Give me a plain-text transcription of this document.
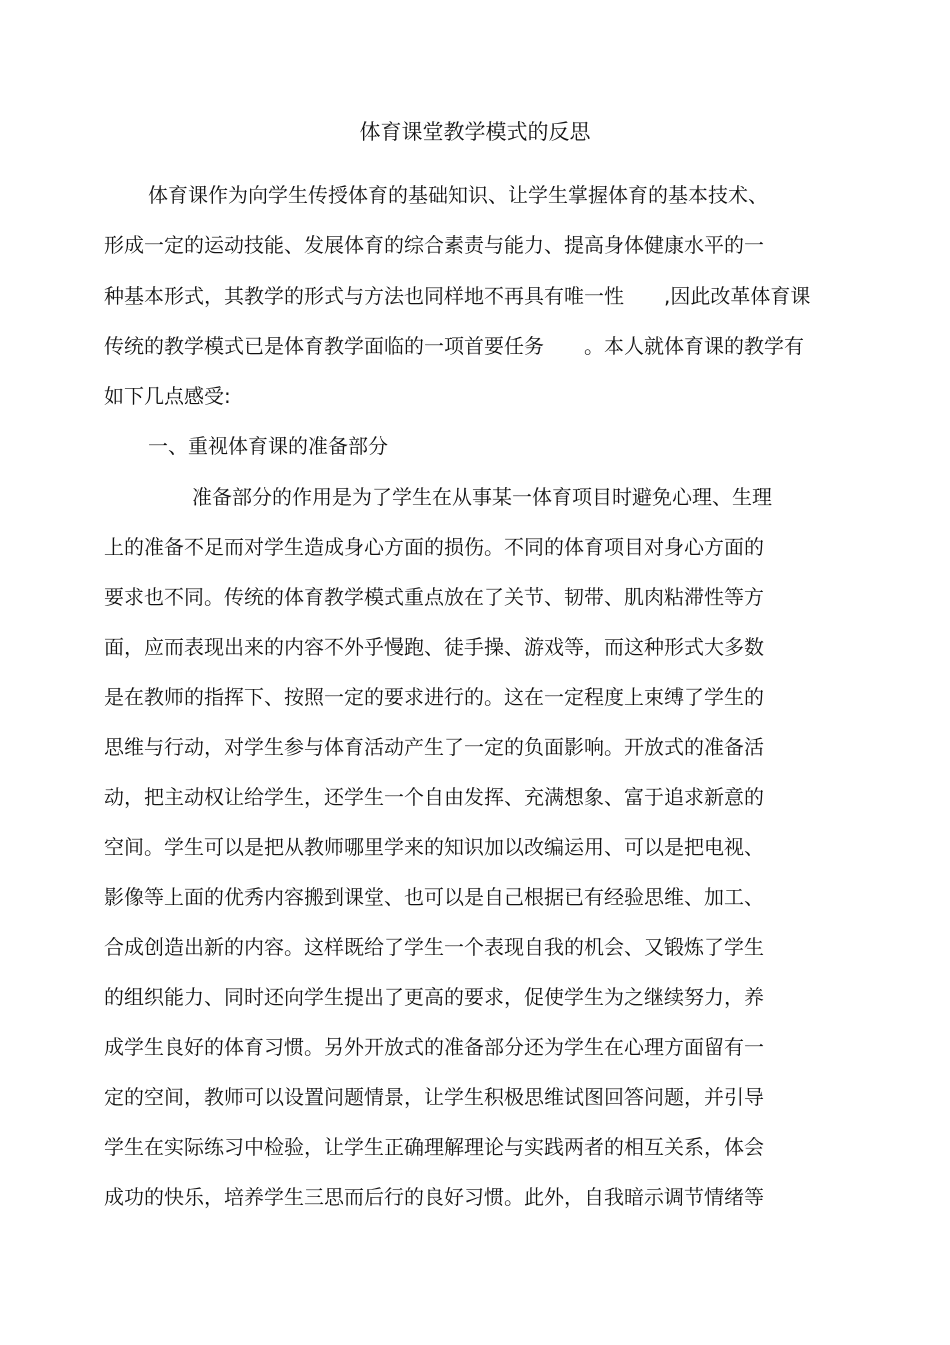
体育课堂教学模式的反思
体育课作为向学生传授体育的基础知识、让学生掌握体育的基本技术、
形成一定的运动技能、发展体育的综合素责与能力、提高身体健康水平的一
种基本形式，其教学的形式与方法也同样地不再具有唯一性　　,因此改革体育课
传统的教学模式已是体育教学面临的一项首要任务　　。本人就体育课的教学有
如下几点感受:
一、重视体育课的准备部分
准备部分的作用是为了学生在从事某一体育项目时避免心理、生理
上的准备不足而对学生造成身心方面的损伤。不同的体育项目对身心方面的
要求也不同。传统的体育教学模式重点放在了关节、韧带、肌肉粘滞性等方
面，应而表现出来的内容不外乎慢跑、徒手操、游戏等，而这种形式大多数
是在教师的指挥下、按照一定的要求进行的。这在一定程度上束缚了学生的
思维与行动，对学生参与体育活动产生了一定的负面影响。开放式的准备活
动，把主动权让给学生，还学生一个自由发挥、充满想象、富于追求新意的
空间。学生可以是把从教师哪里学来的知识加以改编运用、可以是把电视、
影像等上面的优秀内容搬到课堂、也可以是自己根据已有经验思维、加工、
合成创造出新的内容。这样既给了学生一个表现自我的机会、又锻炼了学生
的组织能力、同时还向学生提出了更高的要求，促使学生为之继续努力，养
成学生良好的体育习惯。另外开放式的准备部分还为学生在心理方面留有一
定的空间，教师可以设置问题情景，让学生积极思维试图回答问题，并引导
学生在实际练习中检验，让学生正确理解理论与实践两者的相互关系，体会
成功的快乐，培养学生三思而后行的良好习惯。此外，自我暗示调节情绪等
